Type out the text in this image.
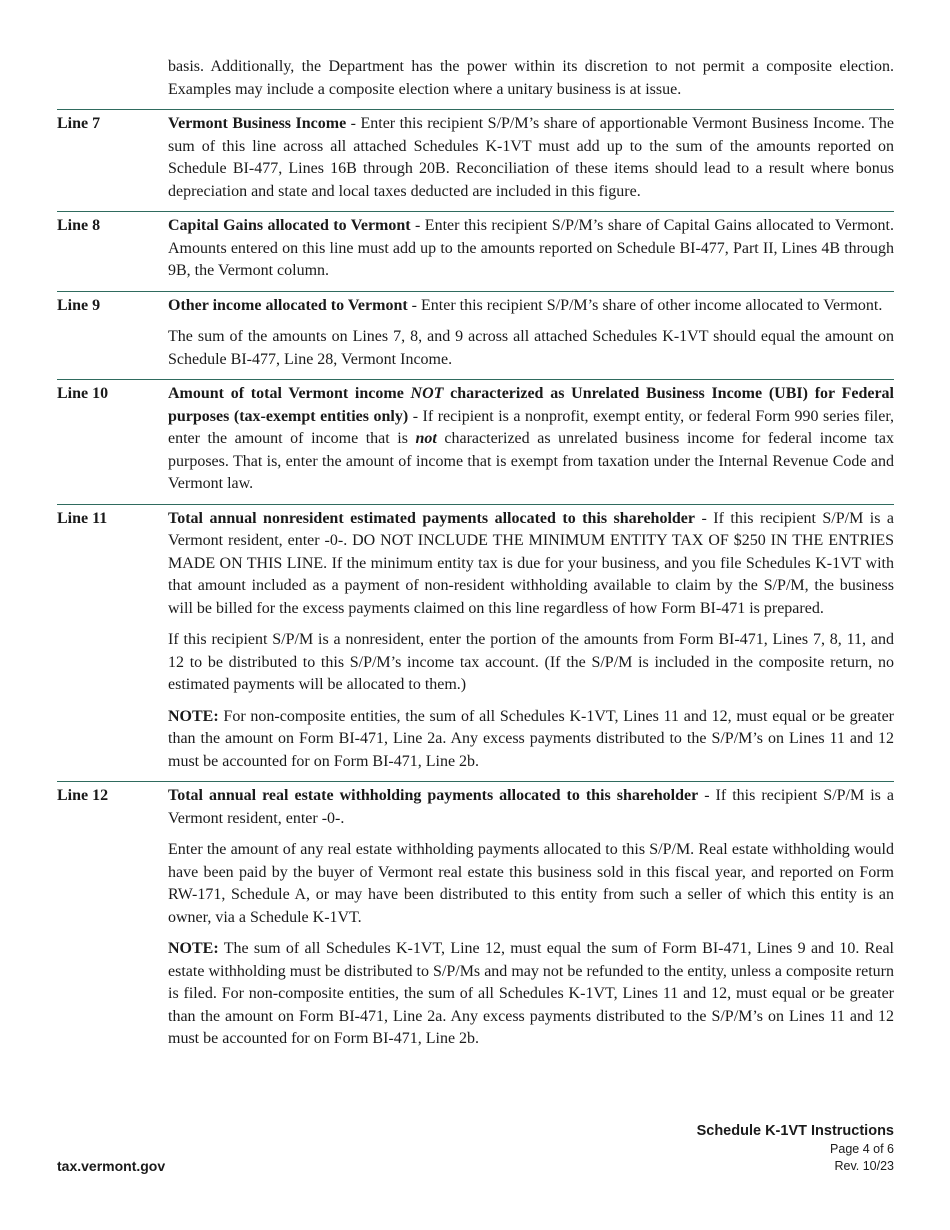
basis. Additionally, the Department has the power within its discretion to not permit a composite election. Examples may include a composite election where a unitary business is at issue.
Line 7	Vermont Business Income - Enter this recipient S/P/M’s share of apportionable Vermont Business Income. The sum of this line across all attached Schedules K-1VT must add up to the sum of the amounts reported on Schedule BI-477, Lines 16B through 20B. Reconciliation of these items should lead to a result where bonus depreciation and state and local taxes deducted are included in this figure.

Line 8	Capital Gains allocated to Vermont - Enter this recipient S/P/M’s share of Capital Gains allocated to Vermont. Amounts entered on this line must add up to the amounts reported on Schedule BI-477, Part II, Lines 4B through 9B, the Vermont column.

Line 9	Other income allocated to Vermont - Enter this recipient S/P/M’s share of other income allocated to Vermont.

The sum of the amounts on Lines 7, 8, and 9 across all attached Schedules K-1VT should equal the amount on Schedule BI-477, Line 28, Vermont Income.

Line 10	Amount of total Vermont income NOT characterized as Unrelated Business Income (UBI) for Federal purposes (tax-exempt entities only) - If recipient is a nonprofit, exempt entity, or federal Form 990 series filer, enter the amount of income that is not characterized as unrelated business income for federal income tax purposes. That is, enter the amount of income that is exempt from taxation under the Internal Revenue Code and Vermont law.

Line 11	Total annual nonresident estimated payments allocated to this shareholder - If this recipient S/P/M is a Vermont resident, enter -0-. DO NOT INCLUDE THE MINIMUM ENTITY TAX OF $250 IN THE ENTRIES MADE ON THIS LINE. If the minimum entity tax is due for your business, and you file Schedules K-1VT with that amount included as a payment of non-resident withholding available to claim by the S/P/M, the business will be billed for the excess payments claimed on this line regardless of how Form BI-471 is prepared.

If this recipient S/P/M is a nonresident, enter the portion of the amounts from Form BI-471, Lines 7, 8, 11, and 12 to be distributed to this S/P/M’s income tax account. (If the S/P/M is included in the composite return, no estimated payments will be allocated to them.)

NOTE: For non-composite entities, the sum of all Schedules K-1VT, Lines 11 and 12, must equal or be greater than the amount on Form BI-471, Line 2a. Any excess payments distributed to the S/P/M’s on Lines 11 and 12 must be accounted for on Form BI-471, Line 2b.

Line 12	Total annual real estate withholding payments allocated to this shareholder - If this recipient S/P/M is a Vermont resident, enter -0-.

Enter the amount of any real estate withholding payments allocated to this S/P/M. Real estate withholding would have been paid by the buyer of Vermont real estate this business sold in this fiscal year, and reported on Form RW-171, Schedule A, or may have been distributed to this entity from such a seller of which this entity is an owner, via a Schedule K-1VT.

NOTE: The sum of all Schedules K-1VT, Line 12, must equal the sum of Form BI-471, Lines 9 and 10. Real estate withholding must be distributed to S/P/Ms and may not be refunded to the entity, unless a composite return is filed. For non-composite entities, the sum of all Schedules K-1VT, Lines 11 and 12, must equal or be greater than the amount on Form BI-471, Line 2a. Any excess payments distributed to the S/P/M’s on Lines 11 and 12 must be accounted for on Form BI-471, Line 2b.

Schedule K-1VT Instructions
Page 4 of 6
Rev. 10/23
tax.vermont.gov
